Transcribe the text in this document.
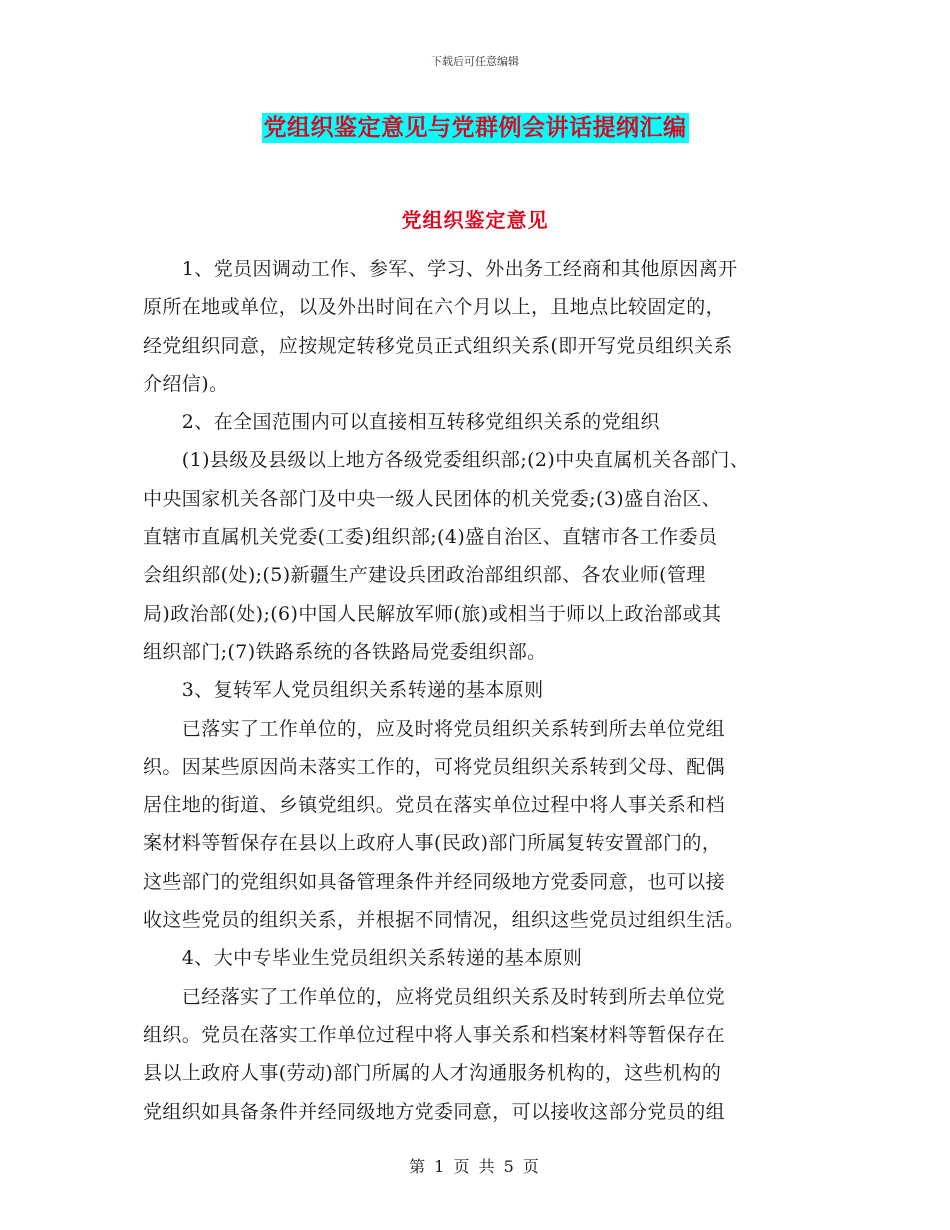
下载后可任意编辑
党组织鉴定意见与党群例会讲话提纲汇编
党组织鉴定意见
　　1、党员因调动工作、参军、学习、外出务工经商和其他原因离开
原所在地或单位，以及外出时间在六个月以上，且地点比较固定的，
经党组织同意，应按规定转移党员正式组织关系(即开写党员组织关系
介绍信)。
　　2、在全国范围内可以直接相互转移党组织关系的党组织
　　(1)县级及县级以上地方各级党委组织部;(2)中央直属机关各部门、
中央国家机关各部门及中央一级人民团体的机关党委;(3)盛自治区、
直辖市直属机关党委(工委)组织部;(4)盛自治区、直辖市各工作委员
会组织部(处);(5)新疆生产建设兵团政治部组织部、各农业师(管理
局)政治部(处);(6)中国人民解放军师(旅)或相当于师以上政治部或其
组织部门;(7)铁路系统的各铁路局党委组织部。
　　3、复转军人党员组织关系转递的基本原则
　　已落实了工作单位的，应及时将党员组织关系转到所去单位党组
织。因某些原因尚未落实工作的，可将党员组织关系转到父母、配偶
居住地的街道、乡镇党组织。党员在落实单位过程中将人事关系和档
案材料等暂保存在县以上政府人事(民政)部门所属复转安置部门的，
这些部门的党组织如具备管理条件并经同级地方党委同意，也可以接
收这些党员的组织关系，并根据不同情况，组织这些党员过组织生活。
　　4、大中专毕业生党员组织关系转递的基本原则
　　已经落实了工作单位的，应将党员组织关系及时转到所去单位党
组织。党员在落实工作单位过程中将人事关系和档案材料等暂保存在
县以上政府人事(劳动)部门所属的人才沟通服务机构的，这些机构的
党组织如具备条件并经同级地方党委同意，可以接收这部分党员的组
第 1 页 共 5 页
